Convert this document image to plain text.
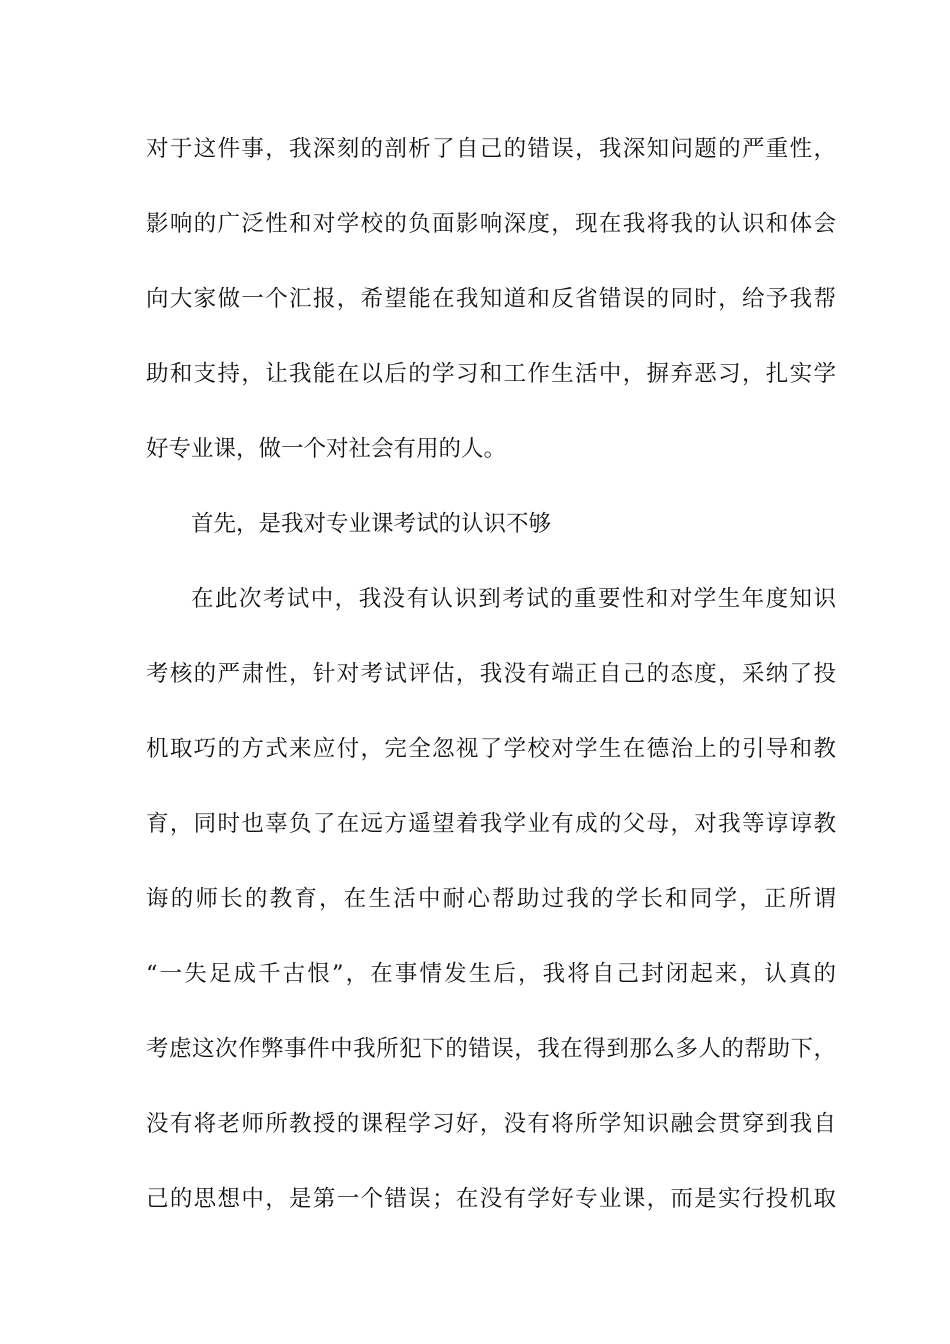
对于这件事，我深刻的剖析了自己的错误，我深知问题的严重性，
影响的广泛性和对学校的负面影响深度，现在我将我的认识和体会
向大家做一个汇报，希望能在我知道和反省错误的同时，给予我帮
助和支持，让我能在以后的学习和工作生活中，摒弃恶习，扎实学
好专业课，做一个对社会有用的人。
首先，是我对专业课考试的认识不够
在此次考试中，我没有认识到考试的重要性和对学生年度知识
考核的严肃性，针对考试评估，我没有端正自己的态度，采纳了投
机取巧的方式来应付，完全忽视了学校对学生在德治上的引导和教
育，同时也辜负了在远方遥望着我学业有成的父母，对我等谆谆教
诲的师长的教育，在生活中耐心帮助过我的学长和同学，正所谓
“一失足成千古恨”，在事情发生后，我将自己封闭起来，认真的
考虑这次作弊事件中我所犯下的错误，我在得到那么多人的帮助下，
没有将老师所教授的课程学习好，没有将所学知识融会贯穿到我自
己的思想中，是第一个错误；在没有学好专业课，而是实行投机取
